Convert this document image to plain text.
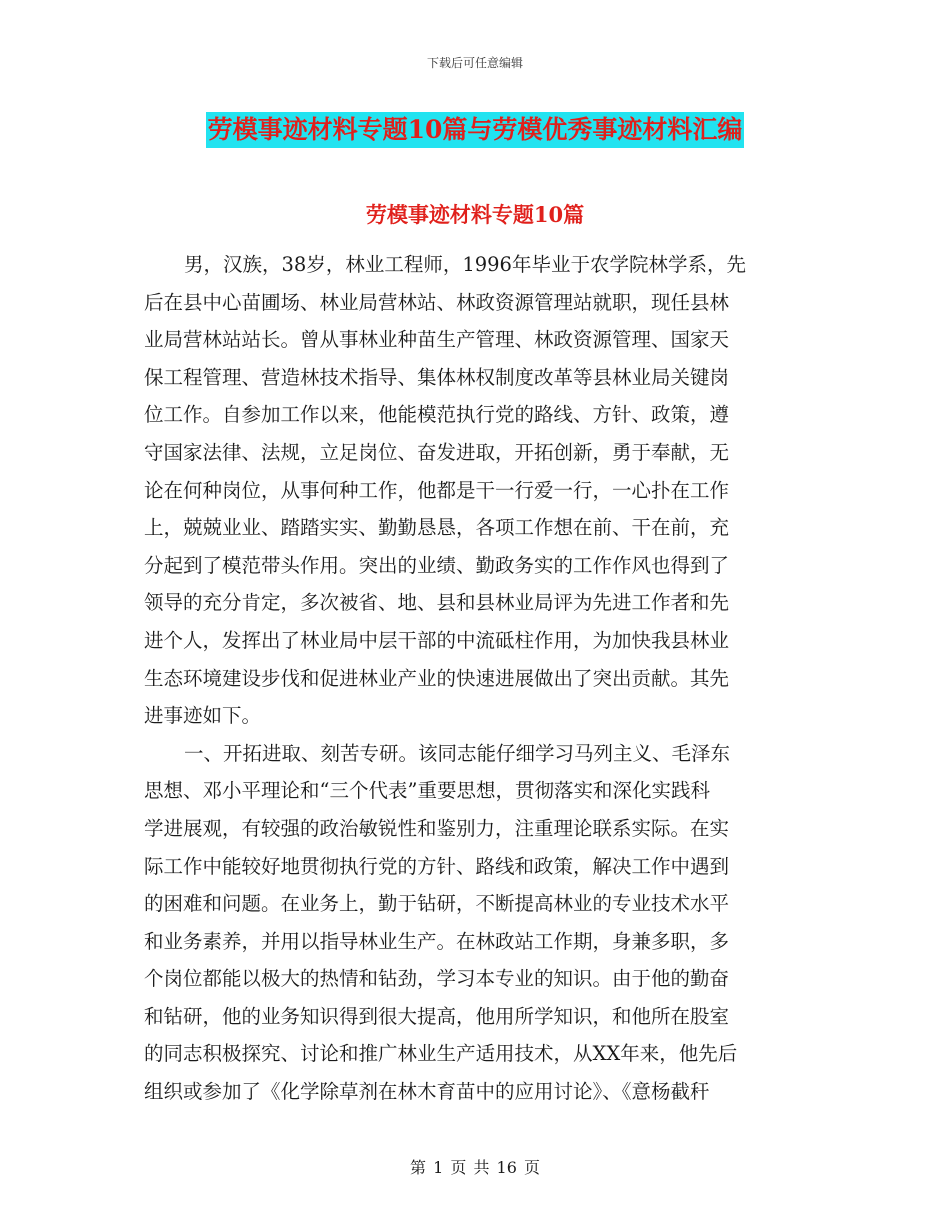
下载后可任意编辑
劳模事迹材料专题10篇与劳模优秀事迹材料汇编
劳模事迹材料专题10篇
男，汉族，38岁，林业工程师，1996年毕业于农学院林学系，先
后在县中心苗圃场、林业局营林站、林政资源管理站就职，现任县林
业局营林站站长。曾从事林业种苗生产管理、林政资源管理、国家天
保工程管理、营造林技术指导、集体林权制度改革等县林业局关键岗
位工作。自参加工作以来，他能模范执行党的路线、方针、政策，遵
守国家法律、法规，立足岗位、奋发进取，开拓创新，勇于奉献，无
论在何种岗位，从事何种工作，他都是干一行爱一行，一心扑在工作
上，兢兢业业、踏踏实实、勤勤恳恳，各项工作想在前、干在前，充
分起到了模范带头作用。突出的业绩、勤政务实的工作作风也得到了
领导的充分肯定，多次被省、地、县和县林业局评为先进工作者和先
进个人，发挥出了林业局中层干部的中流砥柱作用，为加快我县林业
生态环境建设步伐和促进林业产业的快速进展做出了突出贡献。其先
进事迹如下。
一、开拓进取、刻苦专研。该同志能仔细学习马列主义、毛泽东
思想、邓小平理论和“三个代表”重要思想，贯彻落实和深化实践科
学进展观，有较强的政治敏锐性和鉴别力，注重理论联系实际。在实
际工作中能较好地贯彻执行党的方针、路线和政策，解决工作中遇到
的困难和问题。在业务上，勤于钻研，不断提高林业的专业技术水平
和业务素养，并用以指导林业生产。在林政站工作期，身兼多职，多
个岗位都能以极大的热情和钻劲，学习本专业的知识。由于他的勤奋
和钻研，他的业务知识得到很大提高，他用所学知识，和他所在股室
的同志积极探究、讨论和推广林业生产适用技术，从XX年来，他先后
组织或参加了《化学除草剂在林木育苗中的应用讨论》、《意杨截秆
第 1 页 共 16 页
